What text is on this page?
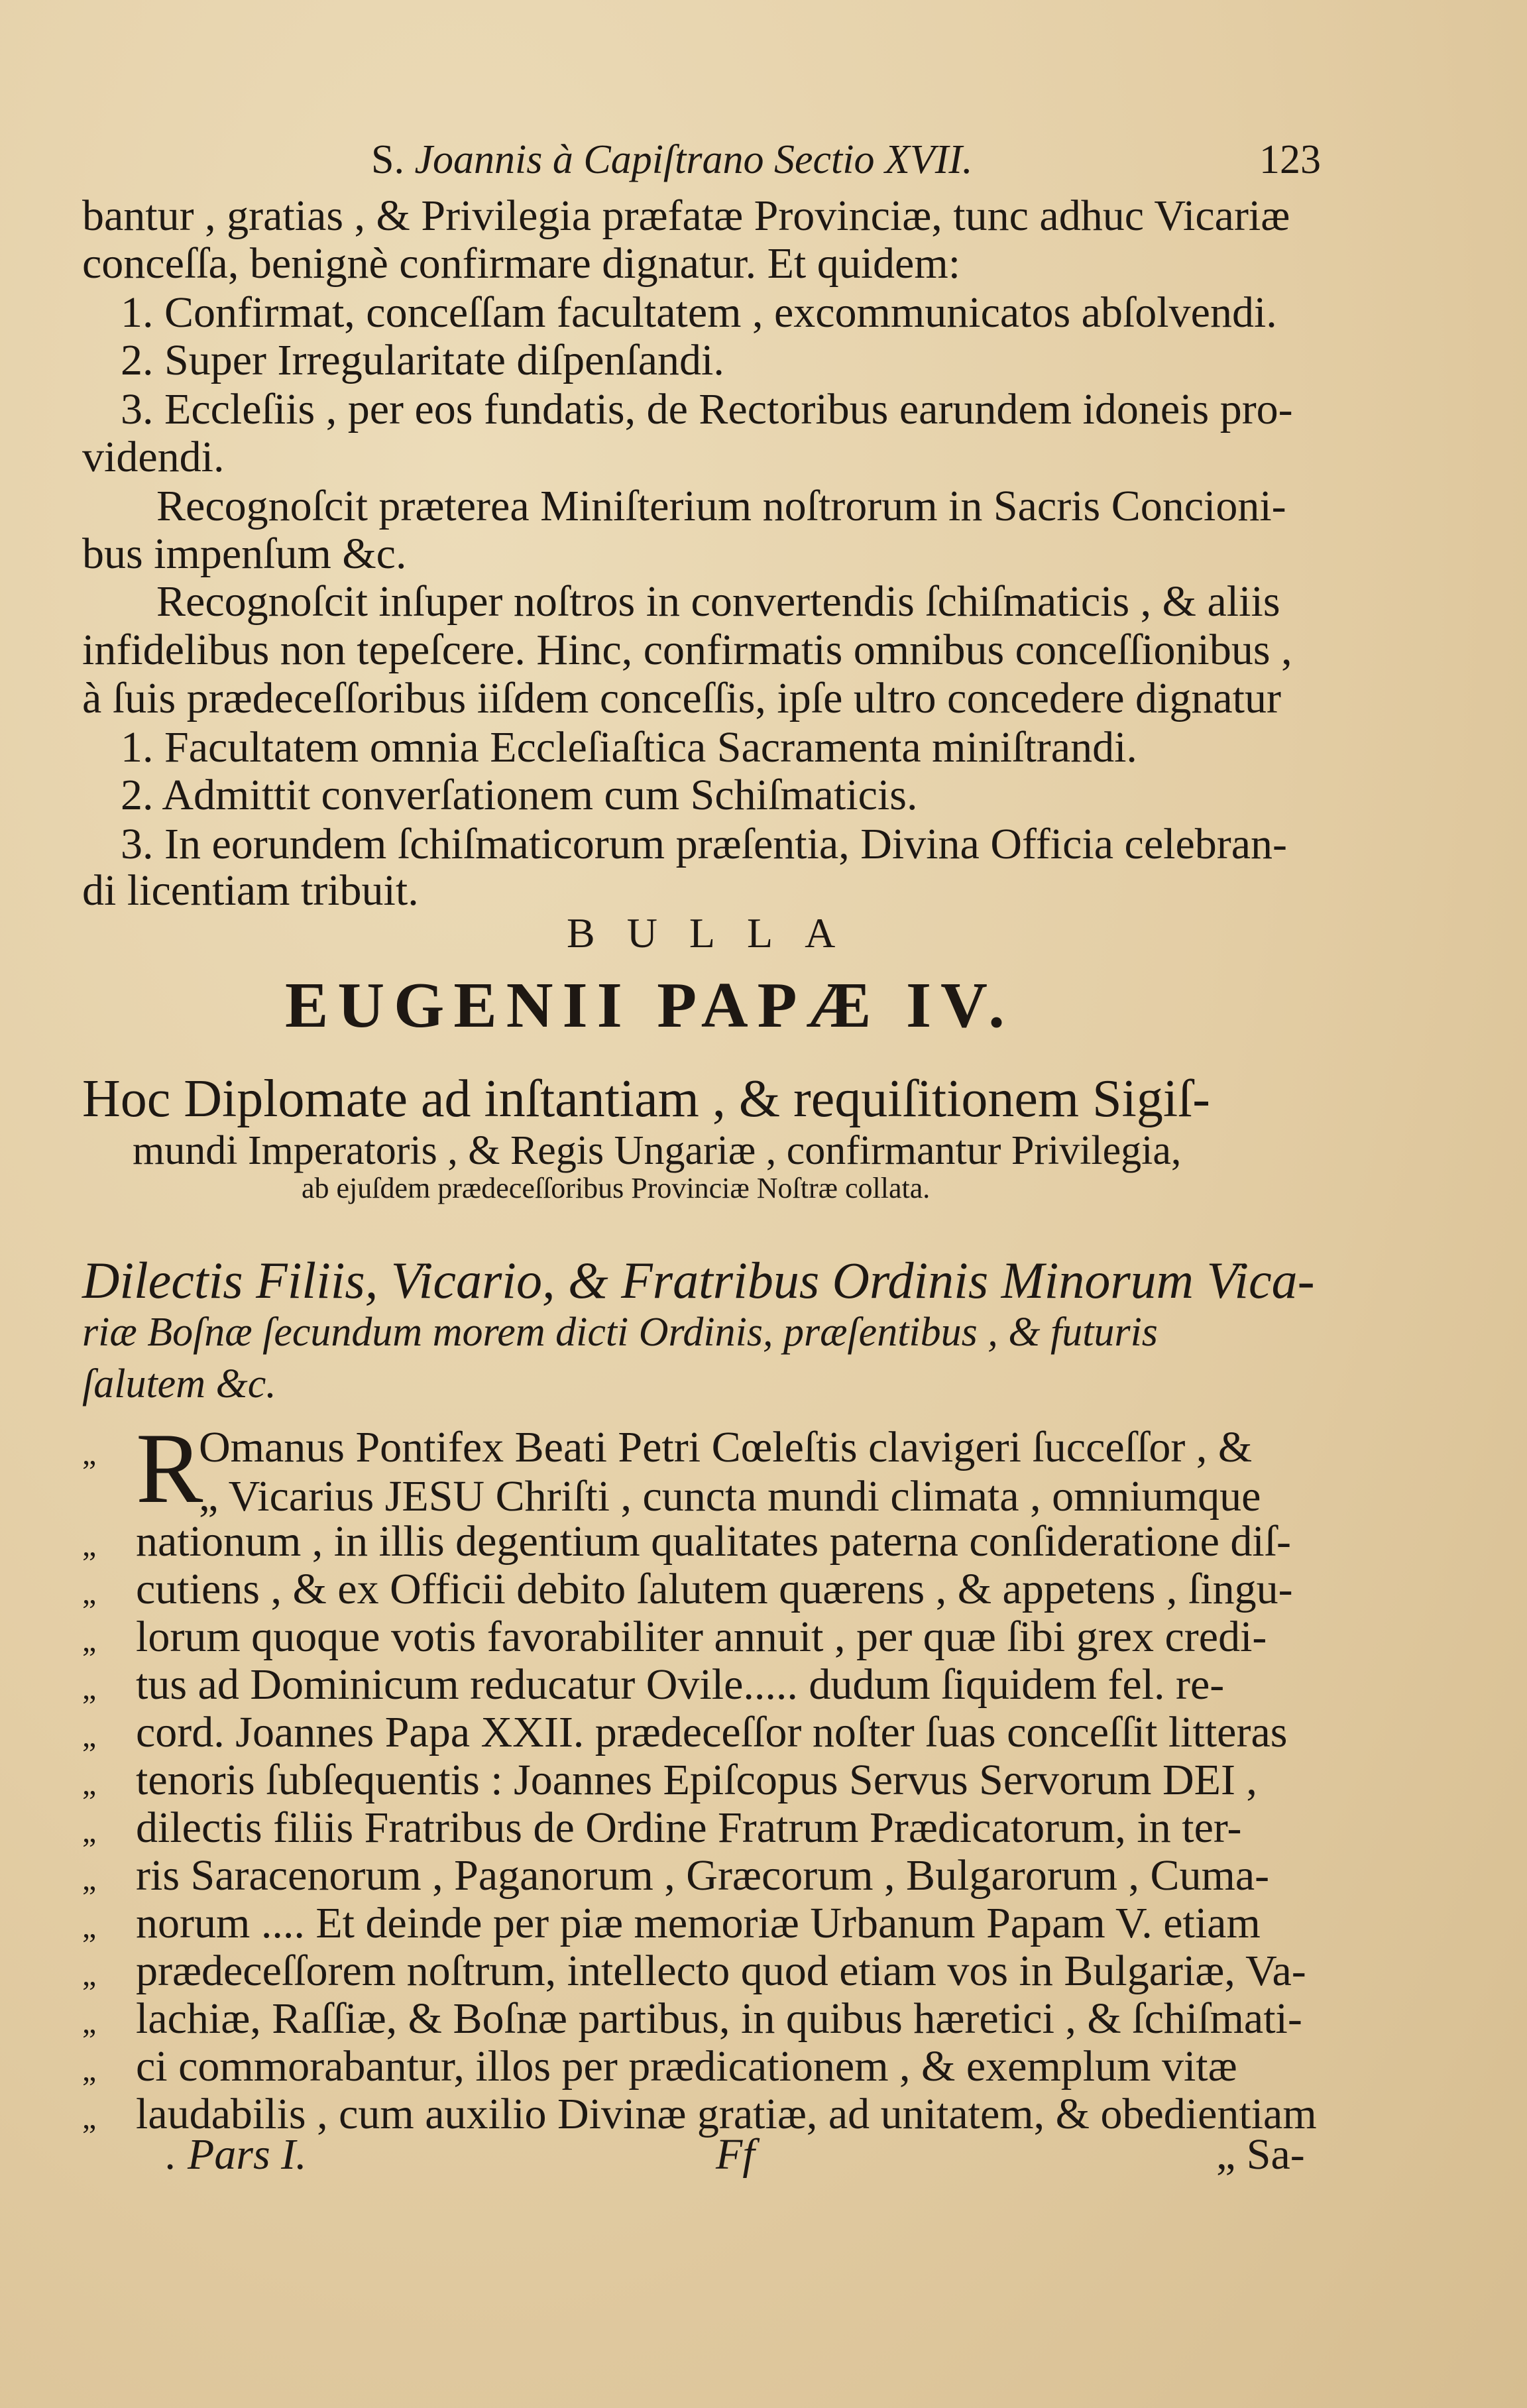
S. Joannis à Capiſtrano Sectio XVII.	123
bantur , gratias , & Privilegia præfatæ Provinciæ, tunc adhuc Vicariæ
conceſſa, benignè confirmare dignatur. Et quidem:
1. Confirmat, conceſſam facultatem , excommunicatos abſolvendi.
2. Super Irregularitate diſpenſandi.
3. Eccleſiis , per eos fundatis, de Rectoribus earundem idoneis pro-
videndi.
Recognoſcit præterea Miniſterium noſtrorum in Sacris Concioni-
bus impenſum &c.
Recognoſcit inſuper noſtros in convertendis ſchiſmaticis , & aliis
infidelibus non tepeſcere. Hinc, confirmatis omnibus conceſſionibus ,
à ſuis prædeceſſoribus iiſdem conceſſis, ipſe ultro concedere dignatur
1. Facultatem omnia Eccleſiaſtica Sacramenta miniſtrandi.
2. Admittit converſationem cum Schiſmaticis.
3. In eorundem ſchiſmaticorum præſentia, Divina Officia celebran-
di licentiam tribuit.
BULLA
EUGENII PAPÆ IV.
Hoc Diplomate ad inſtantiam , & requiſitionem Sigiſ-
mundi Imperatoris , & Regis Ungariæ , confirmantur Privilegia,
ab ejuſdem prædeceſſoribus Provinciæ Noſtræ collata.
Dilectis Filiis, Vicario, & Fratribus Ordinis Minorum Vica-
riæ Boſnæ ſecundum morem dicti Ordinis, præſentibus , & futuris
ſalutem &c.
R
„ Omanus Pontifex Beati Petri Cœleſtis clavigeri ſucceſſor , &
„ Vicarius JESU Chriſti , cuncta mundi climata , omniumque
„ nationum , in illis degentium qualitates paterna conſideratione diſ-
„ cutiens , & ex Officii debito ſalutem quærens , & appetens , ſingu-
„ lorum quoque votis favorabiliter annuit , per quæ ſibi grex credi-
„ tus ad Dominicum reducatur Ovile..... dudum ſiquidem fel. re-
„ cord. Joannes Papa XXII. prædeceſſor noſter ſuas conceſſit litteras
„ tenoris ſubſequentis : Joannes Epiſcopus Servus Servorum DEI ,
„ dilectis filiis Fratribus de Ordine Fratrum Prædicatorum, in ter-
„ ris Saracenorum , Paganorum , Græcorum , Bulgarorum , Cuma-
„ norum .... Et deinde per piæ memoriæ Urbanum Papam V. etiam
„ prædeceſſorem noſtrum, intellecto quod etiam vos in Bulgariæ, Va-
„ lachiæ, Raſſiæ, & Boſnæ partibus, in quibus hæretici , & ſchiſmati-
„ ci commorabantur, illos per prædicationem , & exemplum vitæ
„ laudabilis , cum auxilio Divinæ gratiæ, ad unitatem, & obedientiam
. Pars I.	Ff	„ Sa-
